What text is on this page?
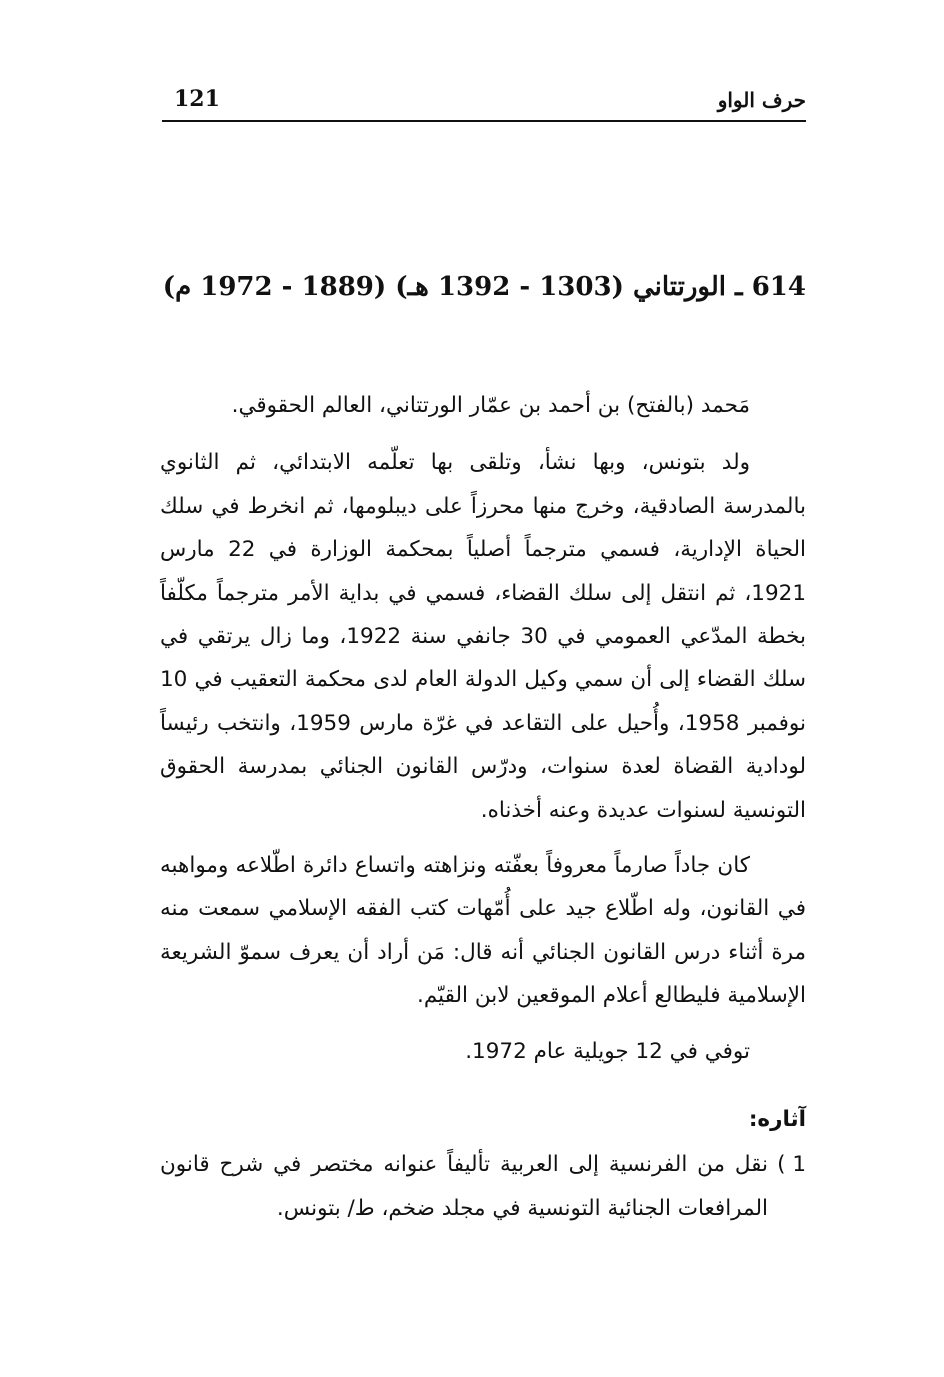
121	حرف الواو
614 ـ الورتتاني (1303 - 1392 هـ) (1889 - 1972 م)

مَحمد (بالفتح) بن أحمد بن عمّار الورتتاني، العالم الحقوقي.

ولد بتونس، وبها نشأ، وتلقى بها تعلّمه الابتدائي، ثم الثانوي بالمدرسة الصادقية، وخرج منها محرزاً على ديبلومها، ثم انخرط في سلك الحياة الإدارية، فسمي مترجماً أصلياً بمحكمة الوزارة في 22 مارس 1921، ثم انتقل إلى سلك القضاء، فسمي في بداية الأمر مترجماً مكلّفاً بخطة المدّعي العمومي في 30 جانفي سنة 1922، وما زال يرتقي في سلك القضاء إلى أن سمي وكيل الدولة العام لدى محكمة التعقيب في 10 نوفمبر 1958، وأُحيل على التقاعد في غرّة مارس 1959، وانتخب رئيساً لودادية القضاة لعدة سنوات، ودرّس القانون الجنائي بمدرسة الحقوق التونسية لسنوات عديدة وعنه أخذناه.

كان جاداً صارماً معروفاً بعفّته ونزاهته واتساع دائرة اطّلاعه ومواهبه في القانون، وله اطّلاع جيد على أُمّهات كتب الفقه الإسلامي سمعت منه مرة أثناء درس القانون الجنائي أنه قال: مَن أراد أن يعرف سموّ الشريعة الإسلامية فليطالع أعلام الموقعين لابن القيّم.

توفي في 12 جويلية عام 1972.

آثاره:

1 )
نقل من الفرنسية إلى العربية تأليفاً عنوانه مختصر في شرح قانون المرافعات الجنائية التونسية في مجلد ضخم، ط/ بتونس.
